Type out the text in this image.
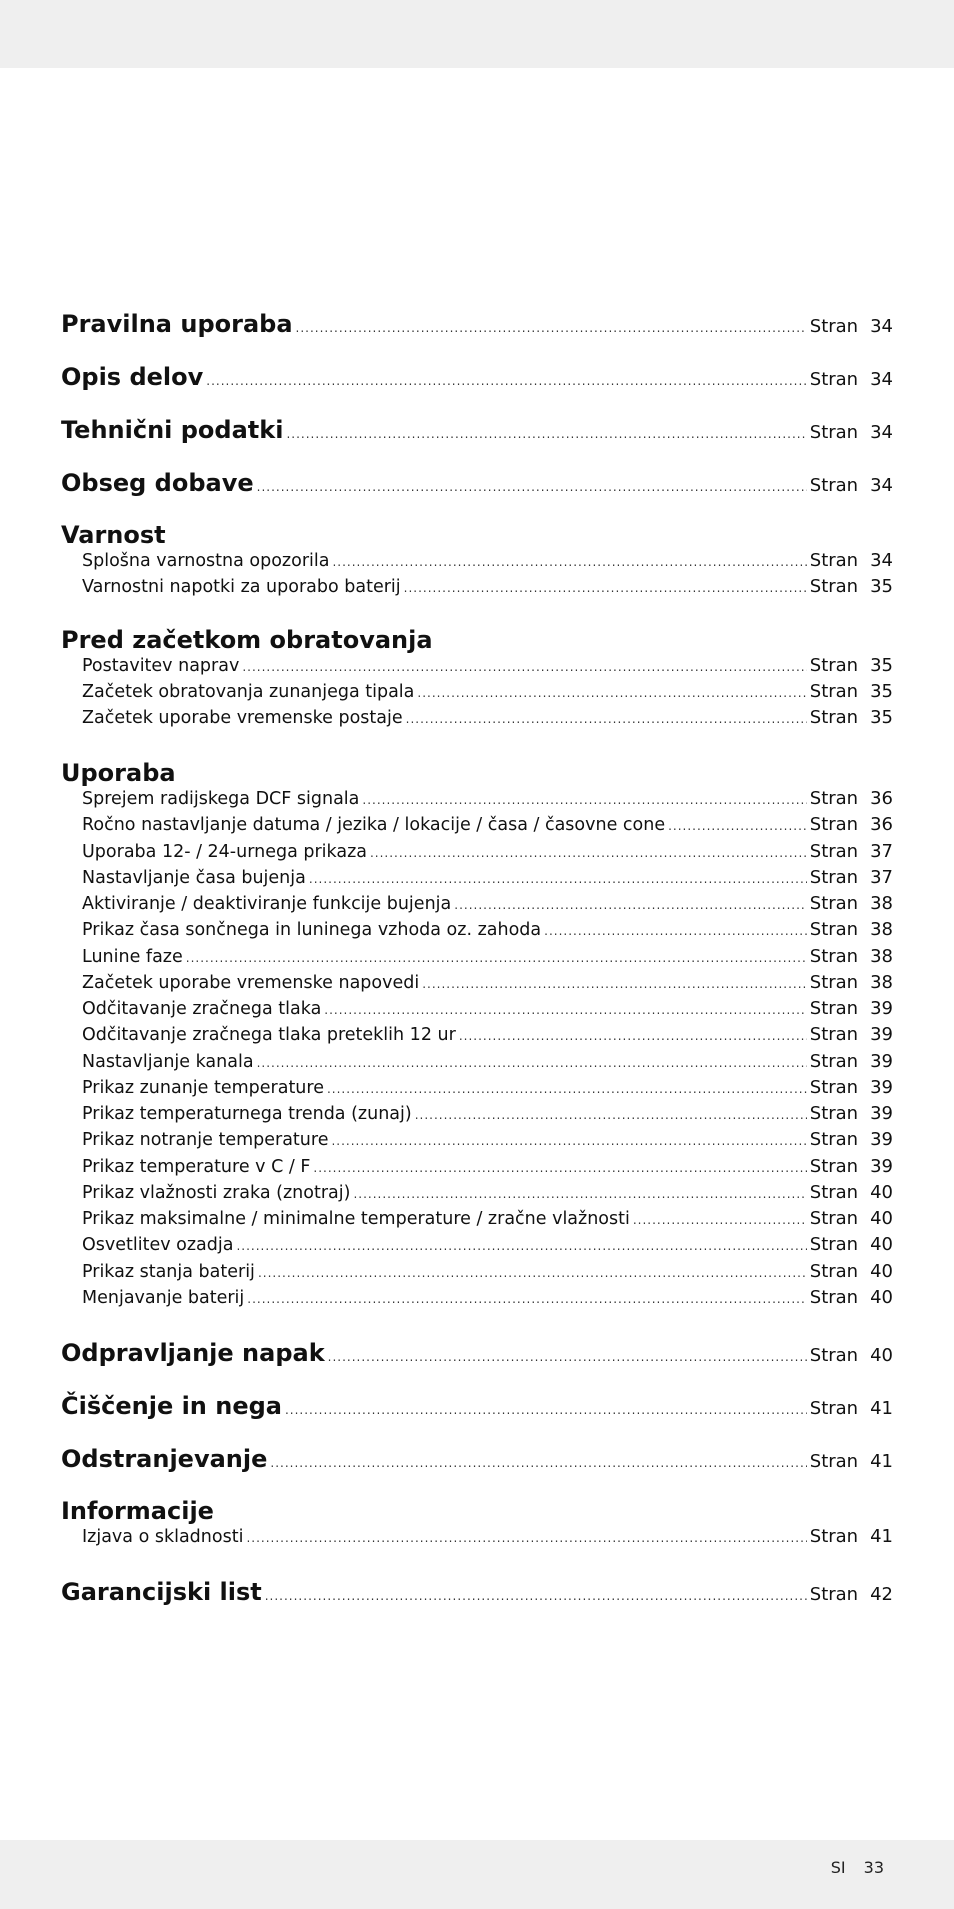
Pravilna uporaba .....	Stran 34
Opis delov .....	Stran 34
Tehnični podatki .....	Stran 34
Obseg dobave .....	Stran 34
Varnost
Splošna varnostna opozorila .....	Stran 34
Varnostni napotki za uporabo baterij .....	Stran 35
Pred začetkom obratovanja
Postavitev naprav .....	Stran 35
Začetek obratovanja zunanjega tipala .....	Stran 35
Začetek uporabe vremenske postaje .....	Stran 35
Uporaba
Sprejem radijskega DCF signala .....	Stran 36
Ročno nastavljanje datuma / jezika / lokacije / časa / časovne cone .....	Stran 36
Uporaba 12- / 24-urnega prikaza .....	Stran 37
Nastavljanje časa bujenja .....	Stran 37
Aktiviranje / deaktiviranje funkcije bujenja .....	Stran 38
Prikaz časa sončnega in luninega vzhoda oz. zahoda .....	Stran 38
Lunine faze .....	Stran 38
Začetek uporabe vremenske napovedi .....	Stran 38
Odčitavanje zračnega tlaka .....	Stran 39
Odčitavanje zračnega tlaka preteklih 12 ur .....	Stran 39
Nastavljanje kanala .....	Stran 39
Prikaz zunanje temperature .....	Stran 39
Prikaz temperaturnega trenda (zunaj) .....	Stran 39
Prikaz notranje temperature .....	Stran 39
Prikaz temperature v C / F .....	Stran 39
Prikaz vlažnosti zraka (znotraj) .....	Stran 40
Prikaz maksimalne / minimalne temperature / zračne vlažnosti .....	Stran 40
Osvetlitev ozadja .....	Stran 40
Prikaz stanja baterij .....	Stran 40
Menjavanje baterij .....	Stran 40
Odpravljanje napak .....	Stran 40
Čiščenje in nega .....	Stran 41
Odstranjevanje .....	Stran 41
Informacije
Izjava o skladnosti .....	Stran 41
Garancijski list .....	Stran 42
SI 33
